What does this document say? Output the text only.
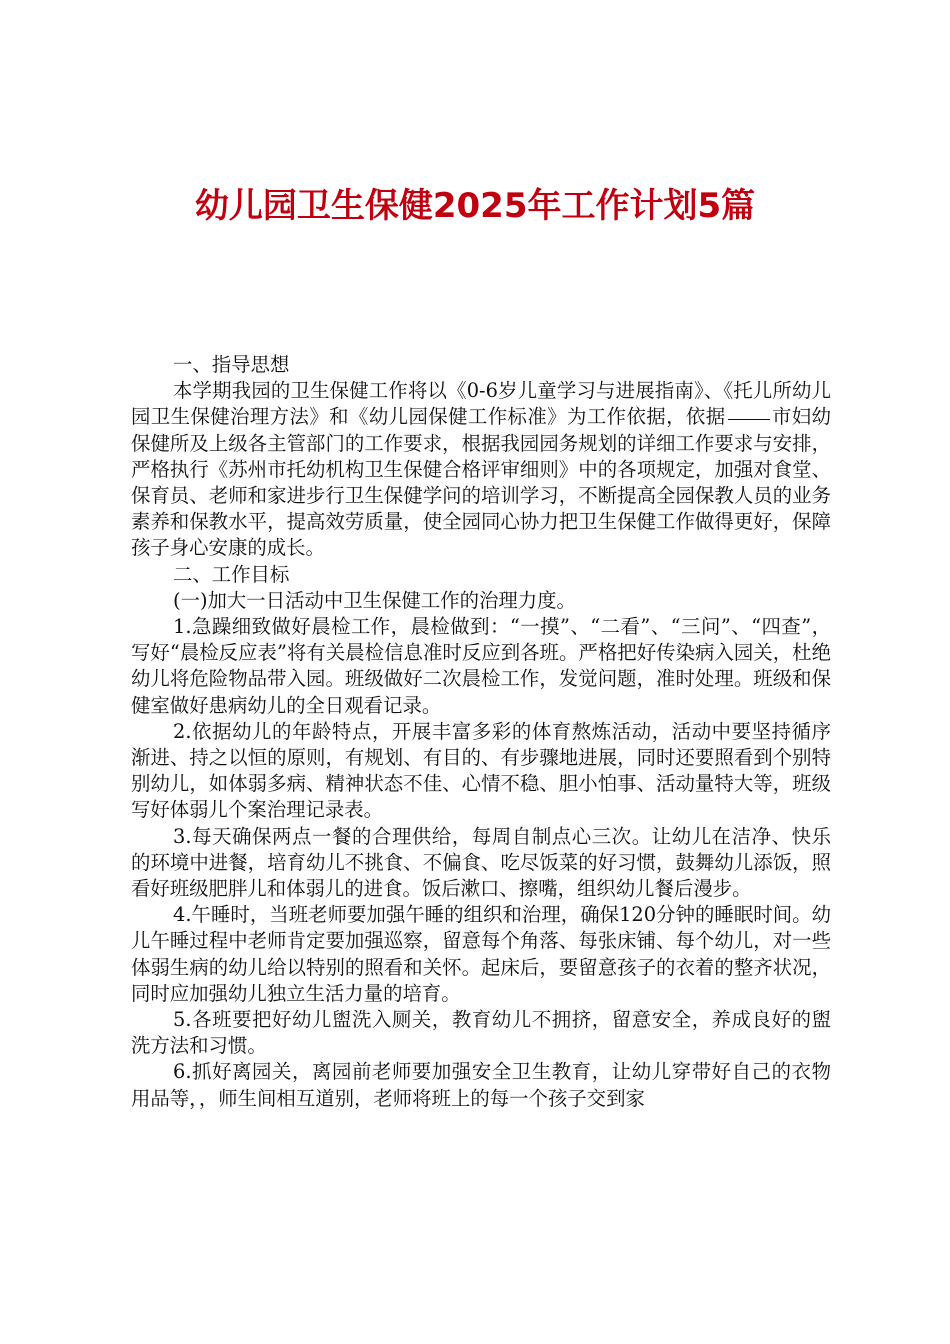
幼儿园卫生保健2025年工作计划5篇

一、指导思想

本学期我园的卫生保健工作将以《0-6岁儿童学习与进展指南》、《托儿所幼儿园卫生保健治理方法》和《幼儿园保健工作标准》为工作依据，依据 市妇幼保健所及上级各主管部门的工作要求，根据我园园务规划的详细工作要求与安排，严格执行《苏州市托幼机构卫生保健合格评审细则》中的各项规定，加强对食堂、保育员、老师和家进步行卫生保健学问的培训学习，不断提高全园保教人员的业务素养和保教水平，提高效劳质量，使全园同心协力把卫生保健工作做得更好，保障孩子身心安康的成长。

二、工作目标

(一)加大一日活动中卫生保健工作的治理力度。

1.急躁细致做好晨检工作，晨检做到：“一摸”、“二看”、“三问”、“四查”，写好“晨检反应表”将有关晨检信息准时反应到各班。严格把好传染病入园关，杜绝幼儿将危险物品带入园。班级做好二次晨检工作，发觉问题，准时处理。班级和保健室做好患病幼儿的全日观看记录。

2.依据幼儿的年龄特点，开展丰富多彩的体育熬炼活动，活动中要坚持循序渐进、持之以恒的原则，有规划、有目的、有步骤地进展，同时还要照看到个别特别幼儿，如体弱多病、精神状态不佳、心情不稳、胆小怕事、活动量特大等，班级写好体弱儿个案治理记录表。

3.每天确保两点一餐的合理供给，每周自制点心三次。让幼儿在洁净、快乐的环境中进餐，培育幼儿不挑食、不偏食、吃尽饭菜的好习惯，鼓舞幼儿添饭，照看好班级肥胖儿和体弱儿的进食。饭后漱口、擦嘴，组织幼儿餐后漫步。

4.午睡时，当班老师要加强午睡的组织和治理，确保120分钟的睡眠时间。幼儿午睡过程中老师肯定要加强巡察，留意每个角落、每张床铺、每个幼儿，对一些体弱生病的幼儿给以特别的照看和关怀。起床后，要留意孩子的衣着的整齐状况，同时应加强幼儿独立生活力量的培育。

5.各班要把好幼儿盥洗入厕关，教育幼儿不拥挤，留意安全，养成良好的盥洗方法和习惯。

6.抓好离园关，离园前老师要加强安全卫生教育，让幼儿穿带好自己的衣物用品等，，师生间相互道别，老师将班上的每一个孩子交到家
